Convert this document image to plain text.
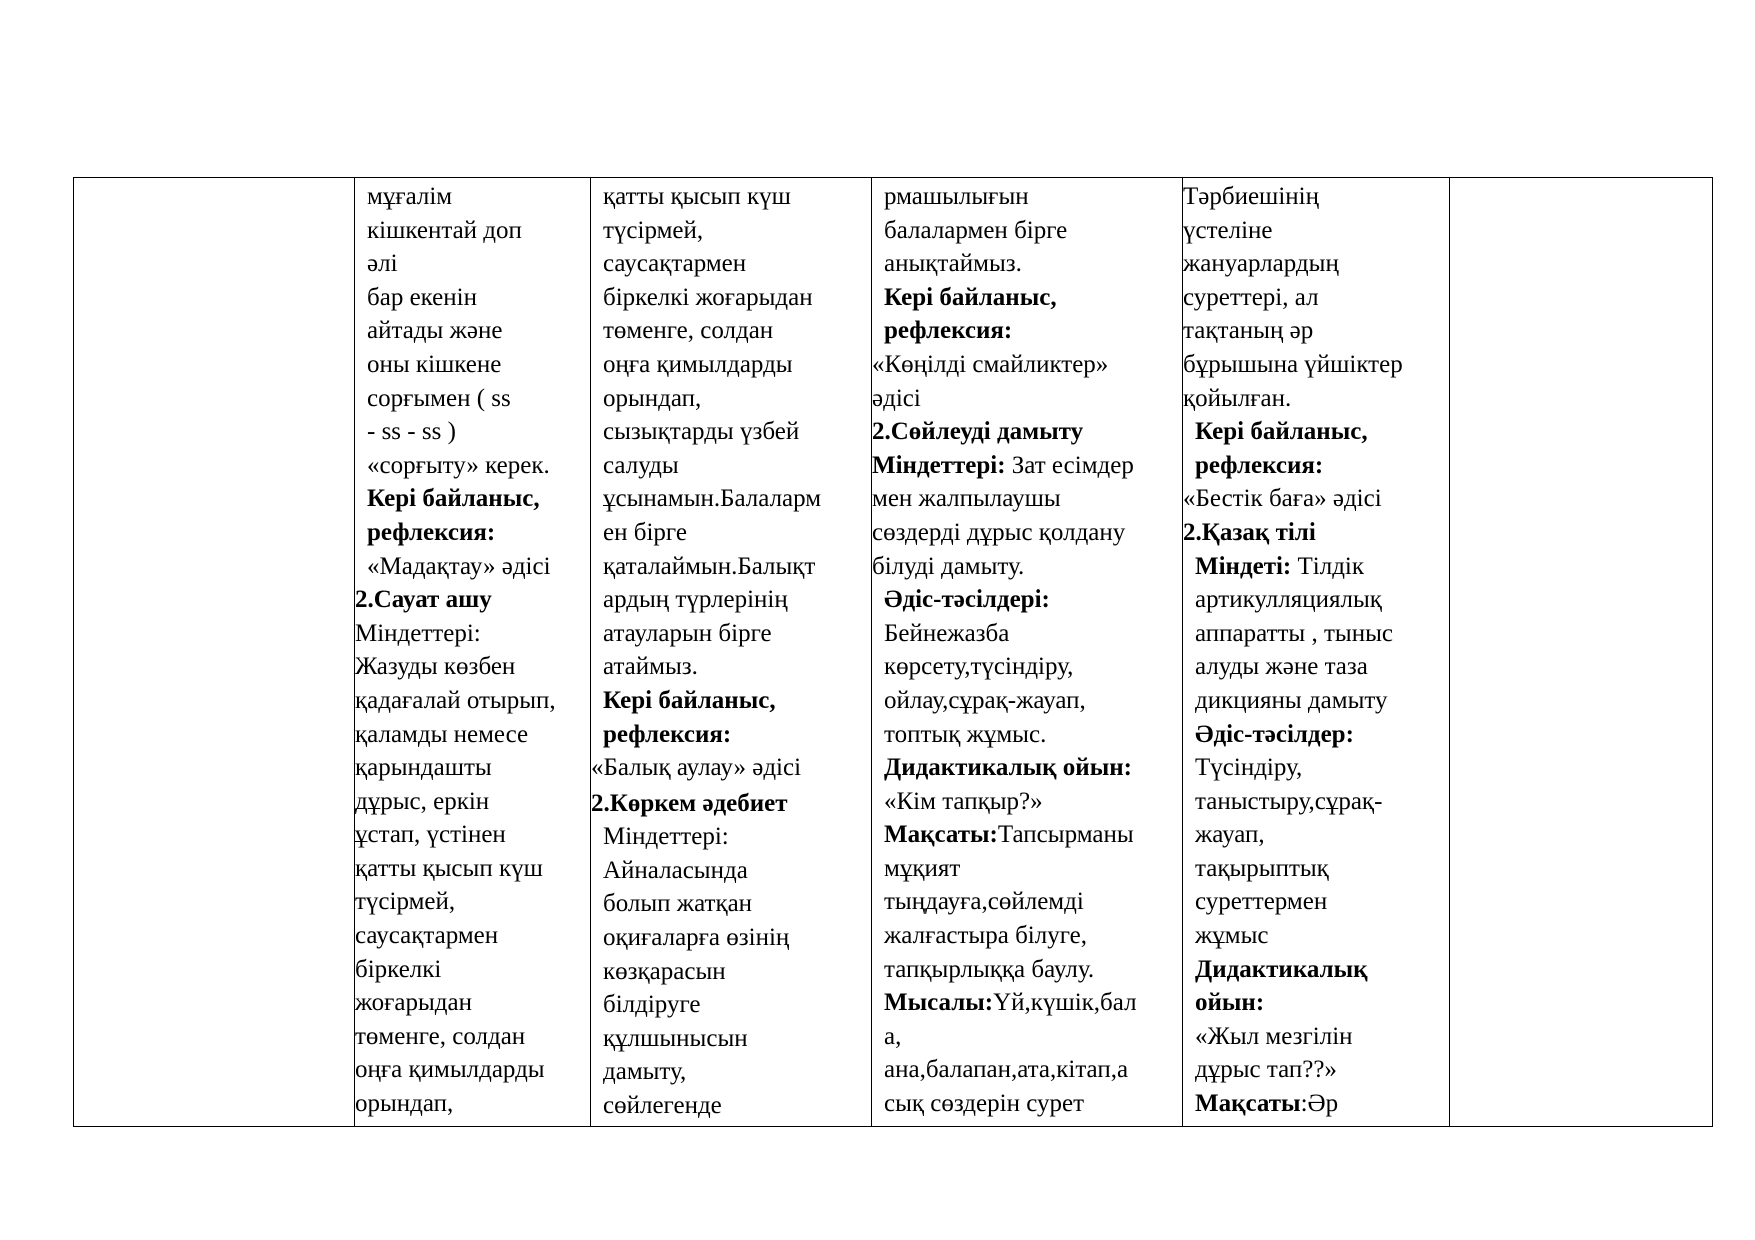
мұғалім
кішкентай доп
әлі
бар екенін
айтады және
оны кішкене
сорғымен ( ss
- ss - ss )
«сорғыту» керек.
Кері байланыс,
рефлексия:
«Мадақтау» әдісі
2.Сауат ашу
Міндеттері:
Жазуды көзбен
қадағалай отырып,
қаламды немесе
қарындашты
дұрыс, еркін
ұстап, үстінен
қатты қысып күш
түсірмей,
саусақтармен
біркелкі
жоғарыдан
төменге, солдан
оңға қимылдарды
орындап,
қатты қысып күш
түсірмей,
саусақтармен
біркелкі жоғарыдан
төменге, солдан
оңға қимылдарды
орындап,
сызықтарды үзбей
салуды
ұсынамын.Балаларм
ен бірге
қаталаймын.Балықт
ардың түрлерінің
атауларын бірге
атаймыз.
Кері байланыс,
рефлексия:
«Балық аулау» әдісі
2.Көркем әдебиет
Міндеттері:
Айналасында
болып жатқан
оқиғаларға өзінің
көзқарасын
білдіруге
құлшынысын
дамыту,
сөйлегенде
рмашылығын
балалармен бірге
анықтаймыз.
Кері байланыс,
рефлексия:
«Көңілді смайликтер»
әдісі
2.Сөйлеуді дамыту
Міндеттері: Зат есімдер
мен жалпылаушы
сөздерді дұрыс қолдану
білуді дамыту.
Әдіс-тәсілдері:
Бейнежазба
көрсету,түсіндіру,
ойлау,сұрақ-жауап,
топтық жұмыс.
Дидактикалық ойын:
«Кім тапқыр?»
Мақсаты:Тапсырманы
мұқият
тыңдауға,сөйлемді
жалғастыра білуге,
тапқырлыққа баулу.
Мысалы:Үй,күшік,бал
а,
ана,балапан,ата,кітап,а
сық сөздерін сурет
Тәрбиешінің
үстеліне
жануарлардың
суреттері, ал
тақтаның әр
бұрышына үйшіктер
қойылған.
Кері байланыс,
рефлексия:
«Бестік баға» әдісі
2.Қазақ тілі
Міндеті: Тілдік
артикулляциялық
аппаратты , тыныс
алуды және таза
дикцияны дамыту
Әдіс-тәсілдер:
Түсіндіру,
таныстыру,сұрақ-
жауап,
тақырыптық
суреттермен
жұмыс
Дидактикалық
ойын:
«Жыл мезгілін
дұрыс тап??»
Мақсаты:Әр
